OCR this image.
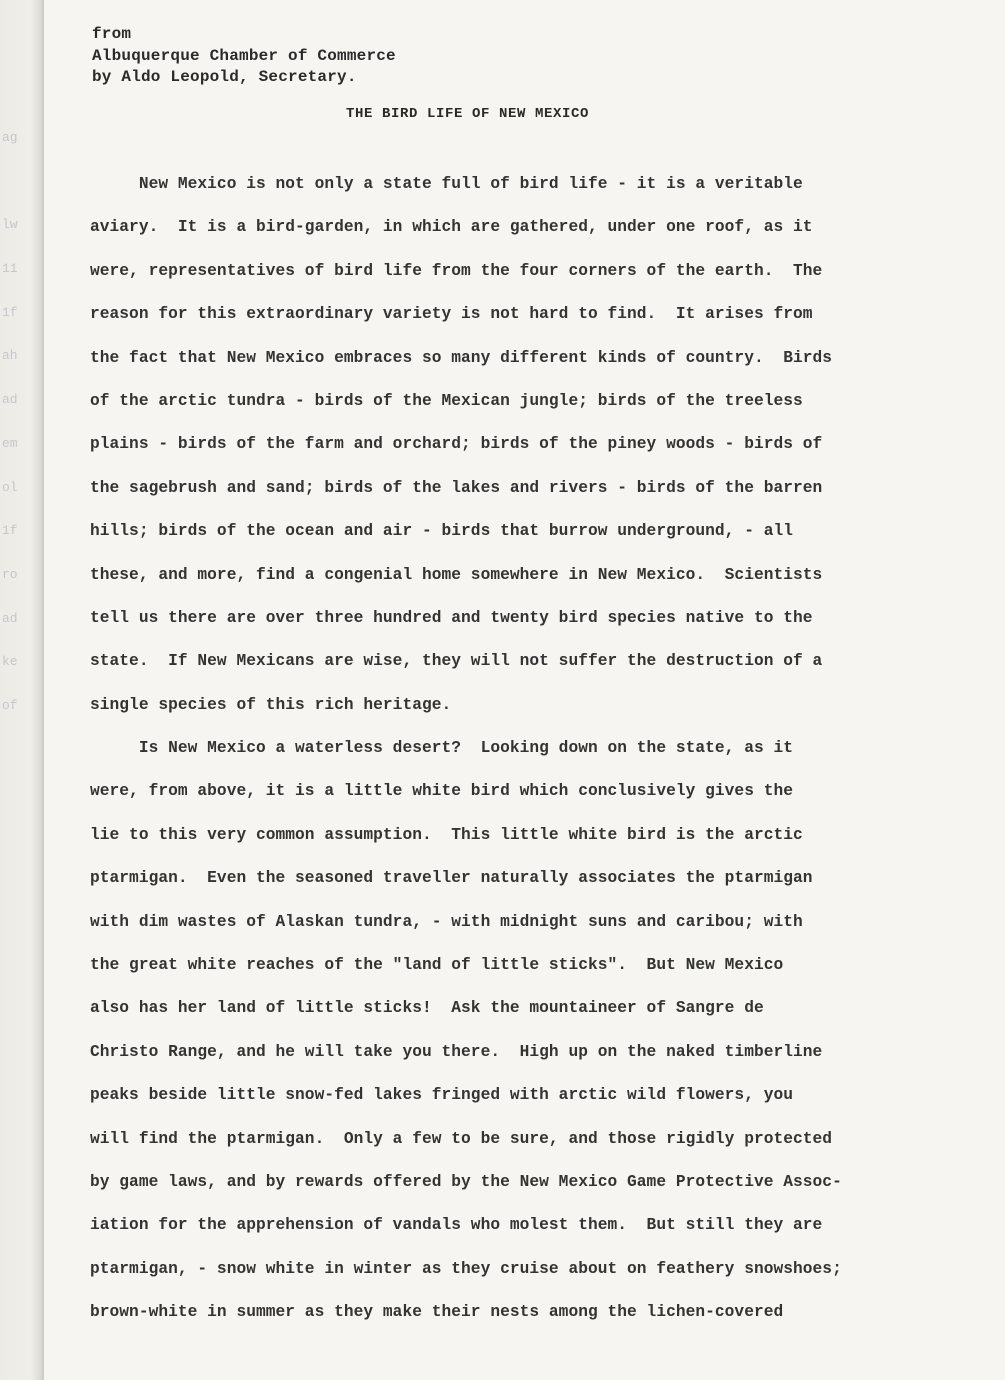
ag
lw
11
1f
ah
ad
em
ol
1f
ro
ad
ke
of
from
Albuquerque Chamber of Commerce
by Aldo Leopold, Secretary.
THE BIRD LIFE OF NEW MEXICO
New Mexico is not only a state full of bird life - it is a veritable
aviary.  It is a bird-garden, in which are gathered, under one roof, as it
were, representatives of bird life from the four corners of the earth.  The
reason for this extraordinary variety is not hard to find.  It arises from
the fact that New Mexico embraces so many different kinds of country.  Birds
of the arctic tundra - birds of the Mexican jungle; birds of the treeless
plains - birds of the farm and orchard; birds of the piney woods - birds of
the sagebrush and sand; birds of the lakes and rivers - birds of the barren
hills; birds of the ocean and air - birds that burrow underground, - all
these, and more, find a congenial home somewhere in New Mexico.  Scientists
tell us there are over three hundred and twenty bird species native to the
state.  If New Mexicans are wise, they will not suffer the destruction of a
single species of this rich heritage.
Is New Mexico a waterless desert?  Looking down on the state, as it
were, from above, it is a little white bird which conclusively gives the
lie to this very common assumption.  This little white bird is the arctic
ptarmigan.  Even the seasoned traveller naturally associates the ptarmigan
with dim wastes of Alaskan tundra, - with midnight suns and caribou; with
the great white reaches of the "land of little sticks".  But New Mexico
also has her land of little sticks!  Ask the mountaineer of Sangre de
Christo Range, and he will take you there.  High up on the naked timberline
peaks beside little snow-fed lakes fringed with arctic wild flowers, you
will find the ptarmigan.  Only a few to be sure, and those rigidly protected
by game laws, and by rewards offered by the New Mexico Game Protective Assoc-
iation for the apprehension of vandals who molest them.  But still they are
ptarmigan, - snow white in winter as they cruise about on feathery snowshoes;
brown-white in summer as they make their nests among the lichen-covered
